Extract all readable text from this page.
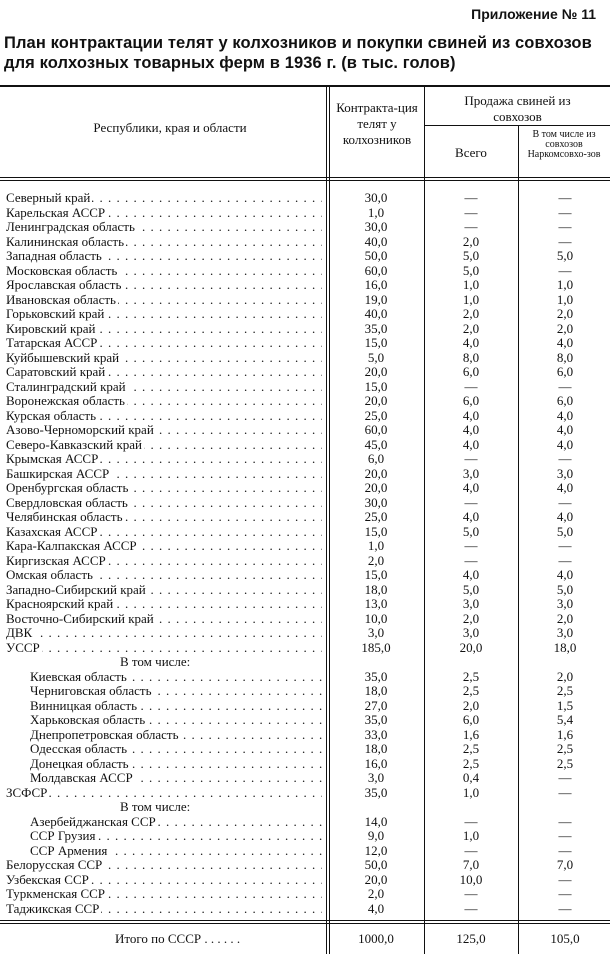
Приложение № 11
План контрактации телят у колхозников и покупки свиней из совхозов для колхозных товарных ферм в 1936 г. (в тыс. голов)
Республики, края и области
Контракта-ция телят у колхозников
Продажа свиней из совхозов
Всего
В том числе из совхозов Наркомсовхо-зов
Северный край . . .	30,0	—	—
Карельская АССР . . .	1,0	—	—
Ленинградская область . . .	30,0	—	—
Калининская область . . .	40,0	2,0	—
Западная область . . .	50,0	5,0	5,0
Московская область . . .	60,0	5,0	—
Ярославская область . . .	16,0	1,0	1,0
Ивановская область . . .	19,0	1,0	1,0
Горьковский край . . .	40,0	2,0	2,0
Кировский край . . .	35,0	2,0	2,0
Татарская АССР . . .	15,0	4,0	4,0
Куйбышевский край . . .	5,0	8,0	8,0
Саратовский край . . .	20,0	6,0	6,0
Сталинградский край . . .	15,0	—	—
Воронежская область . . .	20,0	6,0	6,0
Курская область . . .	25,0	4,0	4,0
Азово-Черноморский край . . .	60,0	4,0	4,0
Северо-Кавказский край . . .	45,0	4,0	4,0
Крымская АССР . . .	6,0	—	—
Башкирская АССР . . .	20,0	3,0	3,0
Оренбургская область . . .	20,0	4,0	4,0
Свердловская область . . .	30,0	—	—
Челябинская область . . .	25,0	4,0	4,0
Казахская АССР . . .	15,0	5,0	5,0
Кара-Калпакская АССР . . .	1,0	—	—
Киргизская АССР . . .	2,0	—	—
Омская область . . .	15,0	4,0	4,0
Западно-Сибирский край . . .	18,0	5,0	5,0
Красноярский край . . .	13,0	3,0	3,0
Восточно-Сибирский край . . .	10,0	2,0	2,0
ДВК . . .	3,0	3,0	3,0
УССР . . .	185,0	20,0	18,0
В том числе:
Киевская область . . .	35,0	2,5	2,0
Черниговская область . . .	18,0	2,5	2,5
Винницкая область . . .	27,0	2,0	1,5
Харьковская область . . .	35,0	6,0	5,4
Днепропетровская область . . .	33,0	1,6	1,6
Одесская область . . .	18,0	2,5	2,5
Донецкая область . . .	16,0	2,5	2,5
Молдавская АССР . . .	3,0	0,4	—
ЗСФСР . . .	35,0	1,0	—
В том числе:
Азербейджанская ССР . . .	14,0	—	—
ССР Грузия . . .	9,0	1,0	—
ССР Армения . . .	12,0	—	—
Белорусская ССР . . .	50,0	7,0	7,0
Узбекская ССР . . .	20,0	10,0	—
Туркменская ССР . . .	2,0	—	—
Таджикская ССР . . .	4,0	—	—
Итого по СССР . . . . . .	1000,0	125,0	105,0
